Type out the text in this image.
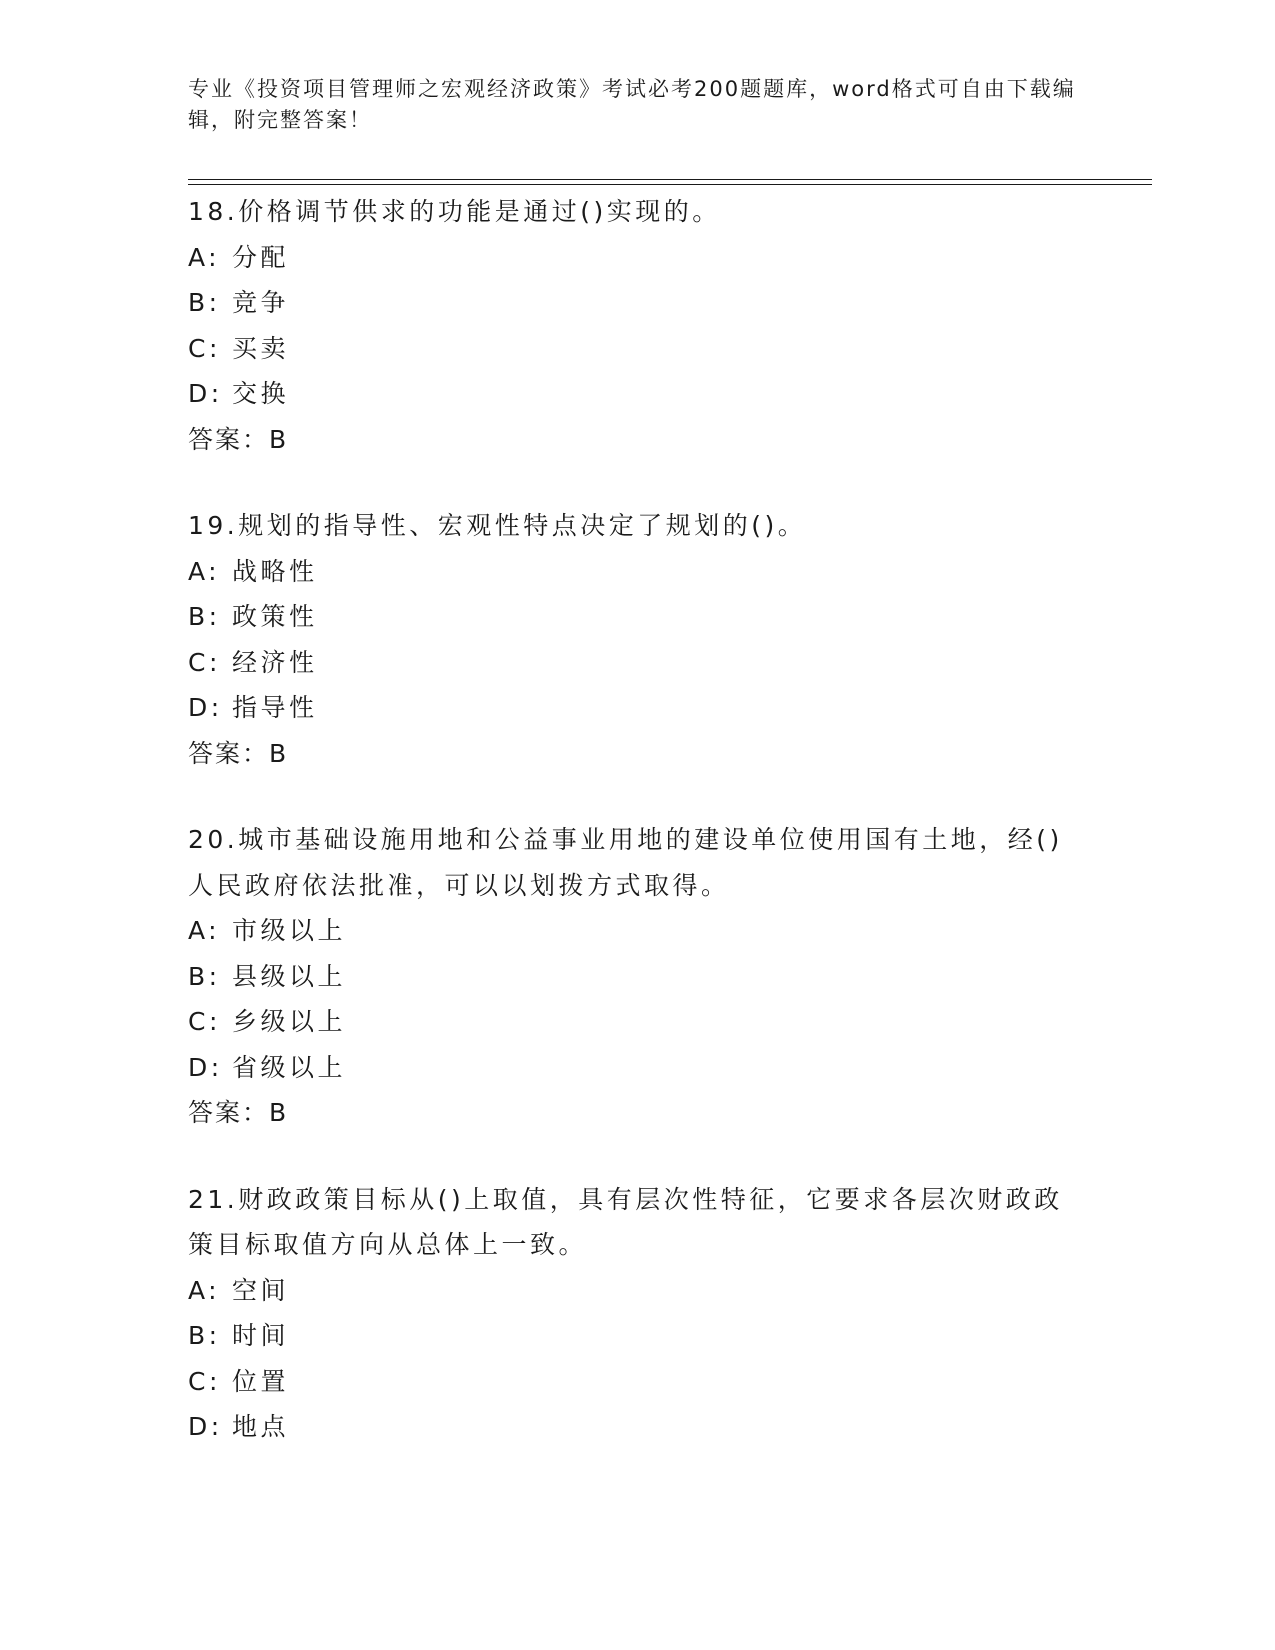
专业《投资项目管理师之宏观经济政策》考试必考200题题库，word格式可自由下载编辑，附完整答案！
18.价格调节供求的功能是通过()实现的。
A: 分配
B: 竞争
C: 买卖
D: 交换
答案：B
19.规划的指导性、宏观性特点决定了规划的()。
A: 战略性
B: 政策性
C: 经济性
D: 指导性
答案：B
20.城市基础设施用地和公益事业用地的建设单位使用国有土地，经()人民政府依法批准，可以以划拨方式取得。
A: 市级以上
B: 县级以上
C: 乡级以上
D: 省级以上
答案：B
21.财政政策目标从()上取值，具有层次性特征，它要求各层次财政政策目标取值方向从总体上一致。
A: 空间
B: 时间
C: 位置
D: 地点
